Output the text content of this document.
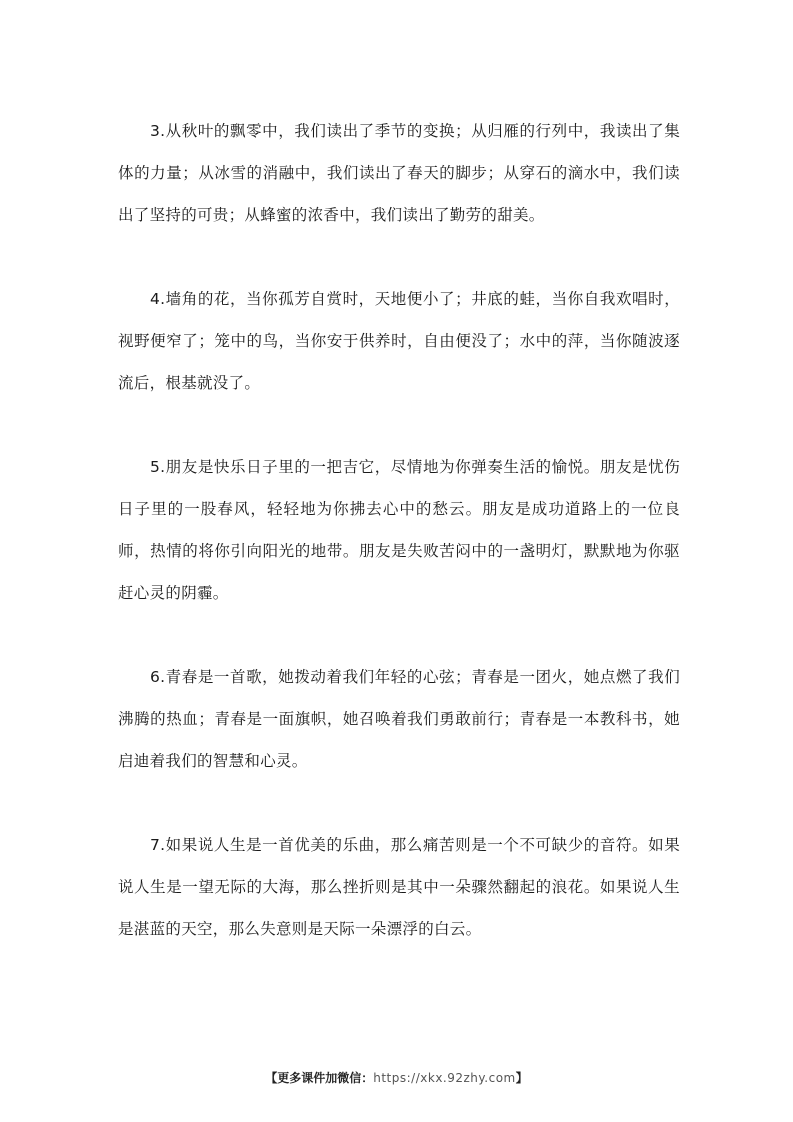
3.从秋叶的飘零中，我们读出了季节的变换；从归雁的行列中，我读出了集体的力量；从冰雪的消融中，我们读出了春天的脚步；从穿石的滴水中，我们读出了坚持的可贵；从蜂蜜的浓香中，我们读出了勤劳的甜美。

4.墙角的花，当你孤芳自赏时，天地便小了；井底的蛙，当你自我欢唱时，视野便窄了；笼中的鸟，当你安于供养时，自由便没了；水中的萍，当你随波逐流后，根基就没了。

5.朋友是快乐日子里的一把吉它，尽情地为你弹奏生活的愉悦。朋友是忧伤日子里的一股春风，轻轻地为你拂去心中的愁云。朋友是成功道路上的一位良师，热情的将你引向阳光的地带。朋友是失败苦闷中的一盏明灯，默默地为你驱赶心灵的阴霾。

6.青春是一首歌，她拨动着我们年轻的心弦；青春是一团火，她点燃了我们沸腾的热血；青春是一面旗帜，她召唤着我们勇敢前行；青春是一本教科书，她启迪着我们的智慧和心灵。

7.如果说人生是一首优美的乐曲，那么痛苦则是一个不可缺少的音符。如果说人生是一望无际的大海，那么挫折则是其中一朵骤然翻起的浪花。如果说人生是湛蓝的天空，那么失意则是天际一朵漂浮的白云。

【更多课件加微信：https://xkx.92zhy.com】
